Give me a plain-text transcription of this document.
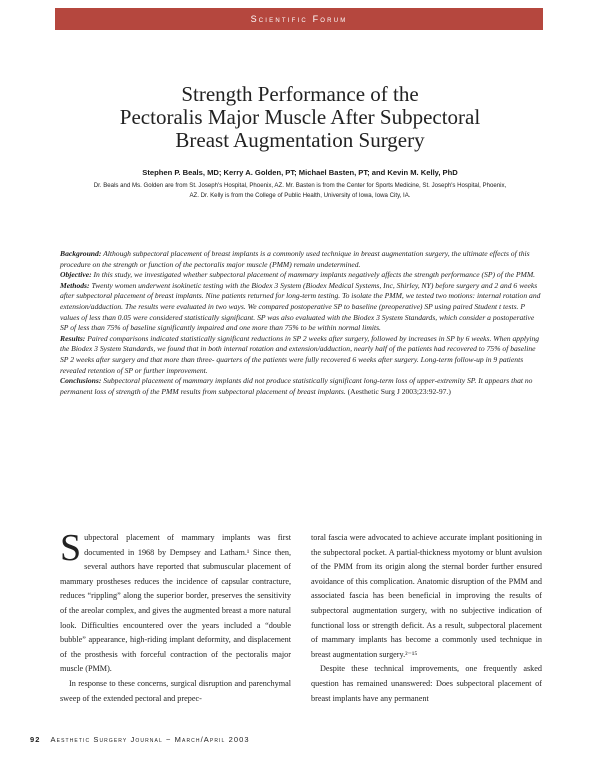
Scientific Forum
Strength Performance of the
Pectoralis Major Muscle After Subpectoral
Breast Augmentation Surgery
Stephen P. Beals, MD; Kerry A. Golden, PT; Michael Basten, PT; and Kevin M. Kelly, PhD
Dr. Beals and Ms. Golden are from St. Joseph's Hospital, Phoenix, AZ. Mr. Basten is from the Center for Sports Medicine, St. Joseph's Hospital, Phoenix, AZ. Dr. Kelly is from the College of Public Health, University of Iowa, Iowa City, IA.

Background: Although subpectoral placement of breast implants is a commonly used technique in breast augmentation surgery, the ultimate effects of this procedure on the strength or function of the pectoralis major muscle (PMM) remain undetermined.

Objective: In this study, we investigated whether subpectoral placement of mammary implants negatively affects the strength performance (SP) of the PMM.

Methods: Twenty women underwent isokinetic testing with the Biodex 3 System (Biodex Medical Systems, Inc, Shirley, NY) before surgery and 2 and 6 weeks after subpectoral placement of breast implants. Nine patients returned for long-term testing. To isolate the PMM, we tested two motions: internal rotation and extension/adduction. The results were evaluated in two ways. We compared postoperative SP to baseline (preoperative) SP using paired Student t tests. P values of less than 0.05 were considered statistically significant. SP was also evaluated with the Biodex 3 System Standards, which consider a postoperative SP of less than 75% of baseline significantly impaired and one more than 75% to be within normal limits.

Results: Paired comparisons indicated statistically significant reductions in SP 2 weeks after surgery, followed by increases in SP by 6 weeks. When applying the Biodex 3 System Standards, we found that in both internal rotation and extension/adduction, nearly half of the patients had recovered to 75% of baseline SP 2 weeks after surgery and that more than three- quarters of the patients were fully recovered 6 weeks after surgery. Long-term follow-up in 9 patients revealed retention of SP or further improvement.

Conclusions: Subpectoral placement of mammary implants did not produce statistically significant long-term loss of upper-extremity SP. It appears that no permanent loss of strength of the PMM results from subpectoral placement of breast implants. (Aesthetic Surg J 2003;23:92-97.)

Subpectoral placement of mammary implants was first documented in 1968 by Dempsey and Latham.¹ Since then, several authors have reported that submuscular placement of mammary prostheses reduces the incidence of capsular contracture, reduces “rippling” along the superior border, preserves the sensitivity of the areolar complex, and gives the augmented breast a more natural look. Difficulties encountered over the years included a “double bubble” appearance, high-riding implant deformity, and displacement of the prosthesis with forceful contraction of the pectoralis major muscle (PMM).

In response to these concerns, surgical disruption and parenchymal sweep of the extended pectoral and prepec-

toral fascia were advocated to achieve accurate implant positioning in the subpectoral pocket. A partial-thickness myotomy or blunt avulsion of the PMM from its origin along the sternal border further ensured avoidance of this complication. Anatomic disruption of the PMM and associated fascia has been beneficial in improving the results of subpectoral augmentation surgery, with no subjective indication of functional loss or strength deficit. As a result, subpectoral placement of mammary implants has become a commonly used technique in breast augmentation surgery.²⁻¹⁵

Despite these technical improvements, one frequently asked question has remained unanswered: Does subpectoral placement of breast implants have any permanent

92 Aesthetic Surgery Journal ~ March/April 2003
